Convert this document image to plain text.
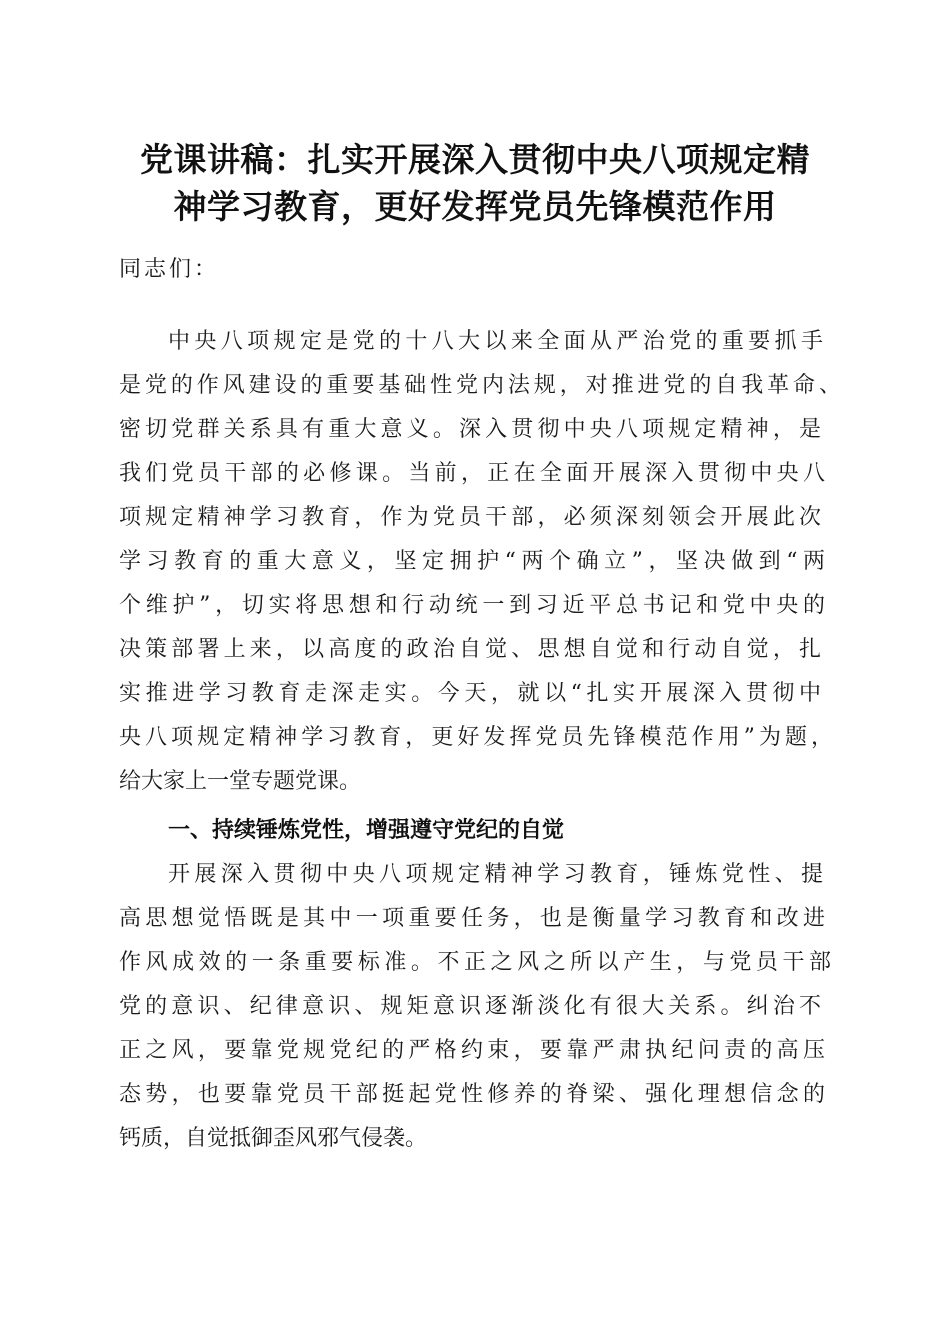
党课讲稿：扎实开展深入贯彻中央八项规定精
神学习教育，更好发挥党员先锋模范作用
同志们：
中央八项规定是党的十八大以来全面从严治党的重要抓手
是党的作风建设的重要基础性党内法规，对推进党的自我革命、
密切党群关系具有重大意义。深入贯彻中央八项规定精神，是
我们党员干部的必修课。当前，正在全面开展深入贯彻中央八
项规定精神学习教育，作为党员干部，必须深刻领会开展此次
学习教育的重大意义，坚定拥护“两个确立”，坚决做到“两
个维护”，切实将思想和行动统一到习近平总书记和党中央的
决策部署上来，以高度的政治自觉、思想自觉和行动自觉，扎
实推进学习教育走深走实。今天，就以“扎实开展深入贯彻中
央八项规定精神学习教育，更好发挥党员先锋模范作用”为题，
给大家上一堂专题党课。
一、持续锤炼党性，增强遵守党纪的自觉
开展深入贯彻中央八项规定精神学习教育，锤炼党性、提
高思想觉悟既是其中一项重要任务，也是衡量学习教育和改进
作风成效的一条重要标准。不正之风之所以产生，与党员干部
党的意识、纪律意识、规矩意识逐渐淡化有很大关系。纠治不
正之风，要靠党规党纪的严格约束，要靠严肃执纪问责的高压
态势，也要靠党员干部挺起党性修养的脊梁、强化理想信念的
钙质，自觉抵御歪风邪气侵袭。
